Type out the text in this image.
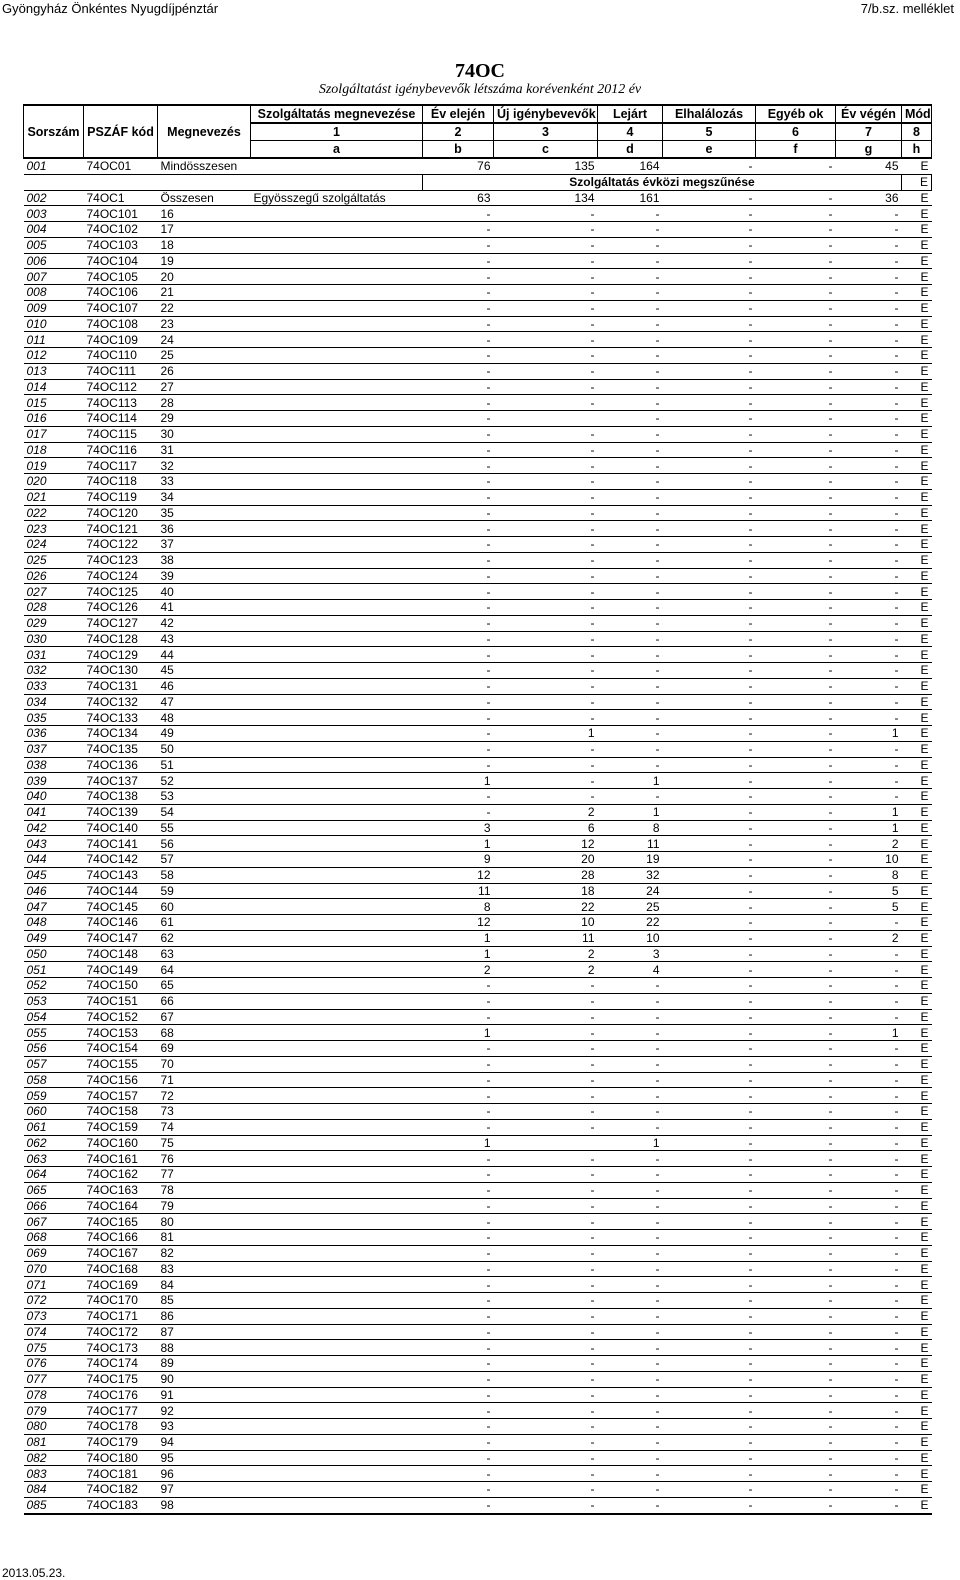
Gyöngyház Önkéntes Nyugdíjpénztár	7/b.sz. melléklet
74OC
Szolgáltatást igénybevevők létszáma korévenként 2012 év
Sorszám	PSZÁF kód	Megnevezés	Szolgáltatás megnevezése	Év elején	Új igénybevevők	Lejárt	Elhalálozás	Egyéb ok	Év végén	Mód
			1	2	3	4	5	6	7	8
			a	b	c	d	e	f	g	h
001	74OC01	Mindösszesen		76	135	164	-	-	45	E
				Szolgáltatás évközi megszűnése						E
002	74OC1	Összesen	Egyösszegű szolgáltatás	63	134	161	-	-	36	E
003	74OC101	16		-	-	-	-	-	-	E
004	74OC102	17		-	-	-	-	-	-	E
005	74OC103	18		-	-	-	-	-	-	E
006	74OC104	19		-	-	-	-	-	-	E
007	74OC105	20		-	-	-	-	-	-	E
008	74OC106	21		-	-	-	-	-	-	E
009	74OC107	22		-	-	-	-	-	-	E
010	74OC108	23		-	-	-	-	-	-	E
011	74OC109	24		-	-	-	-	-	-	E
012	74OC110	25		-	-	-	-	-	-	E
013	74OC111	26		-	-	-	-	-	-	E
014	74OC112	27		-	-	-	-	-	-	E
015	74OC113	28		-	-	-	-	-	-	E
016	74OC114	29		-		-	-	-	-	E
017	74OC115	30		-	-	-	-	-	-	E
018	74OC116	31		-	-	-	-	-	-	E
019	74OC117	32		-	-	-	-	-	-	E
020	74OC118	33		-	-	-	-	-	-	E
021	74OC119	34		-	-	-	-	-	-	E
022	74OC120	35		-	-	-	-	-	-	E
023	74OC121	36		-	-	-	-	-	-	E
024	74OC122	37		-	-	-	-	-	-	E
025	74OC123	38		-	-	-	-	-	-	E
026	74OC124	39		-	-	-	-	-	-	E
027	74OC125	40		-	-	-	-	-	-	E
028	74OC126	41		-	-	-	-	-	-	E
029	74OC127	42		-	-	-	-	-	-	E
030	74OC128	43		-	-	-	-	-	-	E
031	74OC129	44		-	-	-	-	-	-	E
032	74OC130	45		-	-	-	-	-	-	E
033	74OC131	46		-	-	-	-	-	-	E
034	74OC132	47		-	-	-	-	-	-	E
035	74OC133	48		-	-	-	-	-	-	E
036	74OC134	49		-	1	-	-	-	1	E
037	74OC135	50		-	-	-	-	-	-	E
038	74OC136	51		-	-	-	-	-	-	E
039	74OC137	52		1	-	1	-	-	-	E
040	74OC138	53		-	-	-	-	-	-	E
041	74OC139	54		-	2	1	-	-	1	E
042	74OC140	55		3	6	8	-	-	1	E
043	74OC141	56		1	12	11	-	-	2	E
044	74OC142	57		9	20	19	-	-	10	E
045	74OC143	58		12	28	32	-	-	8	E
046	74OC144	59		11	18	24	-	-	5	E
047	74OC145	60		8	22	25	-	-	5	E
048	74OC146	61		12	10	22	-	-	-	E
049	74OC147	62		1	11	10	-	-	2	E
050	74OC148	63		1	2	3	-	-	-	E
051	74OC149	64		2	2	4	-	-	-	E
052	74OC150	65		-	-	-	-	-	-	E
053	74OC151	66		-	-	-	-	-	-	E
054	74OC152	67		-	-	-	-	-	-	E
055	74OC153	68		1	-	-	-	-	1	E
056	74OC154	69		-	-	-	-	-	-	E
057	74OC155	70		-	-	-	-	-	-	E
058	74OC156	71		-	-	-	-	-	-	E
059	74OC157	72		-	-	-	-	-	-	E
060	74OC158	73		-	-	-	-	-	-	E
061	74OC159	74		-	-	-	-	-	-	E
062	74OC160	75		1		1	-	-	-	E
063	74OC161	76		-	-	-	-	-	-	E
064	74OC162	77		-	-	-	-	-	-	E
065	74OC163	78		-	-	-	-	-	-	E
066	74OC164	79		-	-	-	-	-	-	E
067	74OC165	80		-	-	-	-	-	-	E
068	74OC166	81		-	-	-	-	-	-	E
069	74OC167	82		-	-	-	-	-	-	E
070	74OC168	83		-	-	-	-	-	-	E
071	74OC169	84		-	-	-	-	-	-	E
072	74OC170	85		-	-	-	-	-	-	E
073	74OC171	86		-	-	-	-	-	-	E
074	74OC172	87		-	-	-	-	-	-	E
075	74OC173	88		-	-	-	-	-	-	E
076	74OC174	89		-	-	-	-	-	-	E
077	74OC175	90		-	-	-	-	-	-	E
078	74OC176	91		-	-	-	-	-	-	E
079	74OC177	92		-	-	-	-	-	-	E
080	74OC178	93		-	-	-	-	-	-	E
081	74OC179	94		-	-	-	-	-	-	E
082	74OC180	95		-	-	-	-	-	-	E
083	74OC181	96		-	-	-	-	-	-	E
084	74OC182	97		-	-	-	-	-	-	E
085	74OC183	98		-	-	-	-	-	-	E
2013.05.23.
